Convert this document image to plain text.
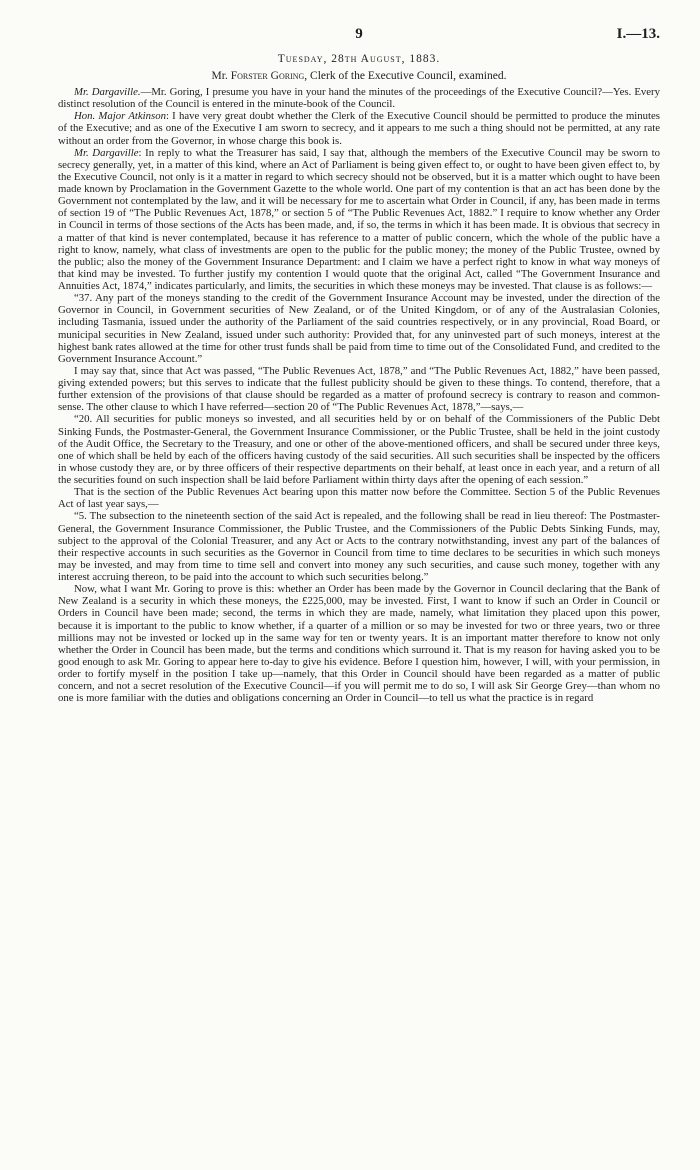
9	I.—13.
Tuesday, 28th August, 1883.
Mr. Forster Goring, Clerk of the Executive Council, examined.

Mr. Dargaville.—Mr. Goring, I presume you have in your hand the minutes of the proceedings of the Executive Council?—Yes. Every distinct resolution of the Council is entered in the minute-book of the Council.

Hon. Major Atkinson: I have very great doubt whether the Clerk of the Executive Council should be permitted to produce the minutes of the Executive; and as one of the Executive I am sworn to secrecy, and it appears to me such a thing should not be permitted, at any rate without an order from the Governor, in whose charge this book is.

Mr. Dargaville: In reply to what the Treasurer has said, I say that, although the members of the Executive Council may be sworn to secrecy generally, yet, in a matter of this kind, where an Act of Parliament is being given effect to, or ought to have been given effect to, by the Executive Council, not only is it a matter in regard to which secrecy should not be observed, but it is a matter which ought to have been made known by Proclamation in the Government Gazette to the whole world. One part of my contention is that an act has been done by the Government not contemplated by the law, and it will be necessary for me to ascertain what Order in Council, if any, has been made in terms of section 19 of “The Public Revenues Act, 1878,” or section 5 of “The Public Revenues Act, 1882.” I require to know whether any Order in Council in terms of those sections of the Acts has been made, and, if so, the terms in which it has been made. It is obvious that secrecy in a matter of that kind is never contemplated, because it has reference to a matter of public concern, which the whole of the public have a right to know, namely, what class of investments are open to the public for the public money; the money of the Public Trustee, owned by the public; also the money of the Government Insurance Department: and I claim we have a perfect right to know in what way moneys of that kind may be invested. To further justify my contention I would quote that the original Act, called “The Government Insurance and Annuities Act, 1874,” indicates particularly, and limits, the securities in which these moneys may be invested. That clause is as follows:—

“37. Any part of the moneys standing to the credit of the Government Insurance Account may be invested, under the direction of the Governor in Council, in Government securities of New Zealand, or of the United Kingdom, or of any of the Australasian Colonies, including Tasmania, issued under the authority of the Parliament of the said countries respectively, or in any provincial, Road Board, or municipal securities in New Zealand, issued under such authority: Provided that, for any uninvested part of such moneys, interest at the highest bank rates allowed at the time for other trust funds shall be paid from time to time out of the Consolidated Fund, and credited to the Government Insurance Account.”

I may say that, since that Act was passed, “The Public Revenues Act, 1878,” and “The Public Revenues Act, 1882,” have been passed, giving extended powers; but this serves to indicate that the fullest publicity should be given to these things. To contend, therefore, that a further extension of the provisions of that clause should be regarded as a matter of profound secrecy is contrary to reason and common-sense. The other clause to which I have referred—section 20 of “The Public Revenues Act, 1878,”—says,—

“20. All securities for public moneys so invested, and all securities held by or on behalf of the Commissioners of the Public Debt Sinking Funds, the Postmaster-General, the Government Insurance Commissioner, or the Public Trustee, shall be held in the joint custody of the Audit Office, the Secretary to the Treasury, and one or other of the above-mentioned officers, and shall be secured under three keys, one of which shall be held by each of the officers having custody of the said securities. All such securities shall be inspected by the officers in whose custody they are, or by three officers of their respective departments on their behalf, at least once in each year, and a return of all the securities found on such inspection shall be laid before Parliament within thirty days after the opening of each session.”

That is the section of the Public Revenues Act bearing upon this matter now before the Committee. Section 5 of the Public Revenues Act of last year says,—

“5. The subsection to the nineteenth section of the said Act is repealed, and the following shall be read in lieu thereof: The Postmaster-General, the Government Insurance Commissioner, the Public Trustee, and the Commissioners of the Public Debts Sinking Funds, may, subject to the approval of the Colonial Treasurer, and any Act or Acts to the contrary notwithstanding, invest any part of the balances of their respective accounts in such securities as the Governor in Council from time to time declares to be securities in which such moneys may be invested, and may from time to time sell and convert into money any such securities, and cause such money, together with any interest accruing thereon, to be paid into the account to which such securities belong.”

Now, what I want Mr. Goring to prove is this: whether an Order has been made by the Governor in Council declaring that the Bank of New Zealand is a security in which these moneys, the £225,000, may be invested. First, I want to know if such an Order in Council or Orders in Council have been made; second, the terms in which they are made, namely, what limitation they placed upon this power, because it is important to the public to know whether, if a quarter of a million or so may be invested for two or three years, two or three millions may not be invested or locked up in the same way for ten or twenty years. It is an important matter therefore to know not only whether the Order in Council has been made, but the terms and conditions which surround it. That is my reason for having asked you to be good enough to ask Mr. Goring to appear here to-day to give his evidence. Before I question him, however, I will, with your permission, in order to fortify myself in the position I take up—namely, that this Order in Council should have been regarded as a matter of public concern, and not a secret resolution of the Executive Council—if you will permit me to do so, I will ask Sir George Grey—than whom no one is more familiar with the duties and obligations concerning an Order in Council—to tell us what the practice is in regard
